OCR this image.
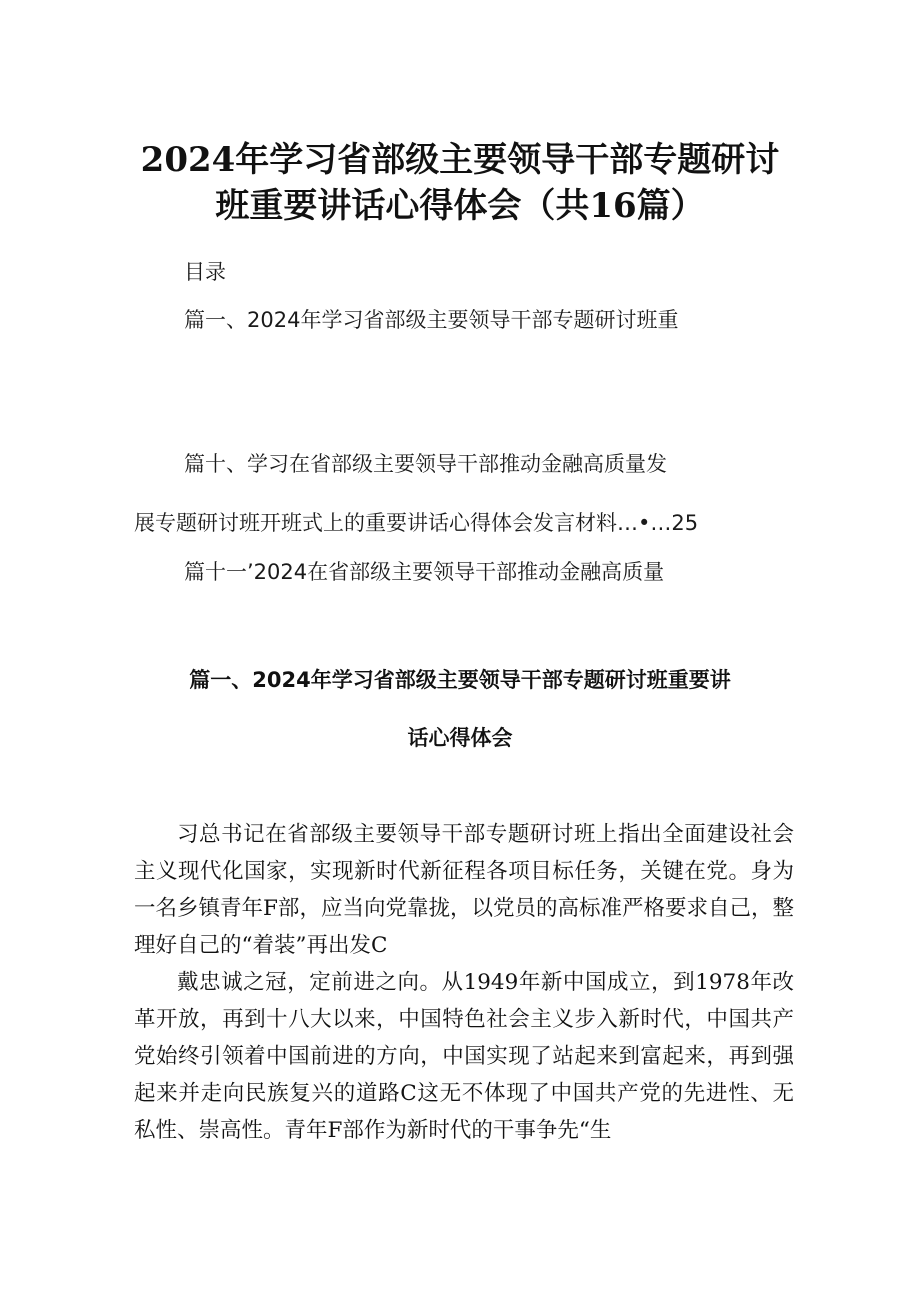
2024年学习省部级主要领导干部专题研讨
班重要讲话心得体会（共16篇）
目录
篇一、2024年学习省部级主要领导干部专题研讨班重
篇十、学习在省部级主要领导干部推动金融高质量发
展专题研讨班开班式上的重要讲话心得体会发言材料…•…25
篇十一’2024在省部级主要领导干部推动金融高质量
篇一、2024年学习省部级主要领导干部专题研讨班重要讲
话心得体会
习总书记在省部级主要领导干部专题研讨班上指出全面建设社会主义现代化国家，实现新时代新征程各项目标任务，关键在党。身为一名乡镇青年F部，应当向党靠拢，以党员的高标准严格要求自己，整理好自己的“着装”再出发C
戴忠诚之冠，定前进之向。从1949年新中国成立，到1978年改革开放，再到十八大以来，中国特色社会主义步入新时代，中国共产党始终引领着中国前进的方向，中国实现了站起来到富起来，再到强起来并走向民族复兴的道路C这无不体现了中国共产党的先进性、无私性、崇高性。青年F部作为新时代的干事争先“生
